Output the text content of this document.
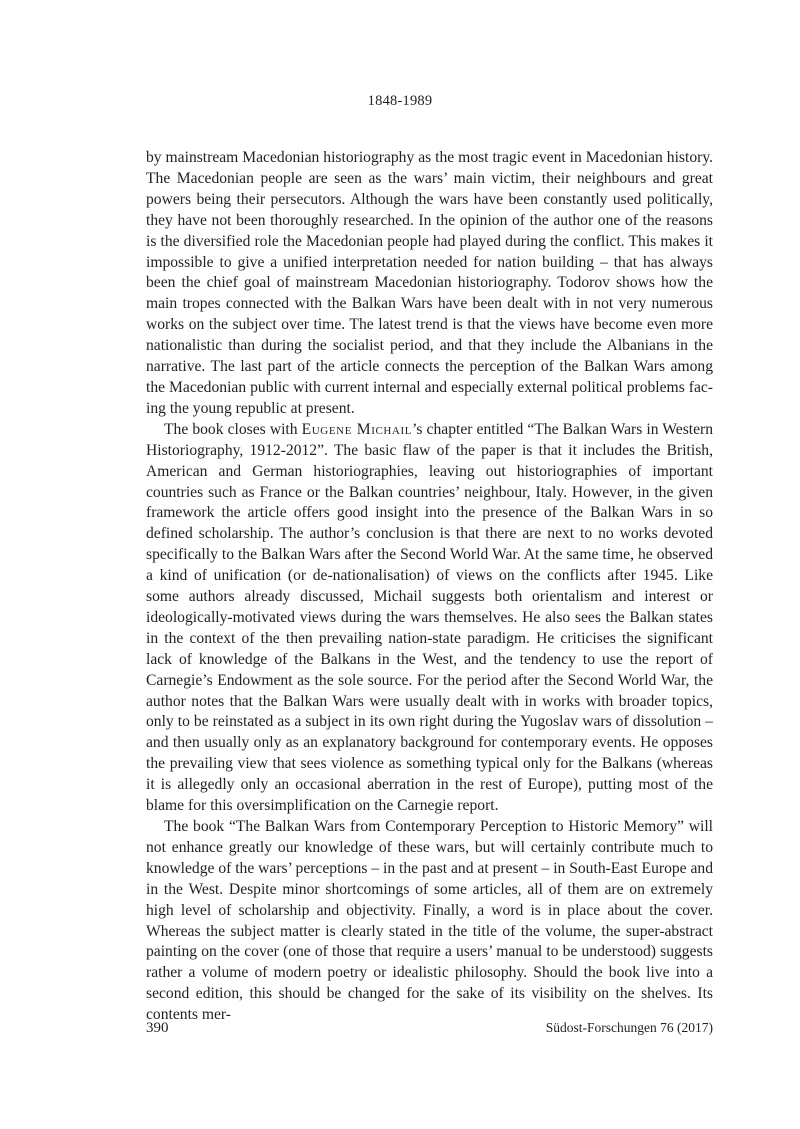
1848-1989

by mainstream Macedonian historiography as the most tragic event in Macedonian history. The Macedonian people are seen as the wars’ main victim, their neighbours and great powers being their persecutors. Although the wars have been constantly used politically, they have not been thoroughly researched. In the opinion of the author one of the reasons is the diversified role the Macedonian people had played during the conflict. This makes it impossible to give a unified interpretation needed for nation building – that has always been the chief goal of mainstream Macedonian historiography. Todorov shows how the main tropes connected with the Balkan Wars have been dealt with in not very numerous works on the subject over time. The latest trend is that the views have become even more nationalistic than during the socialist period, and that they include the Albanians in the narrative. The last part of the article connects the perception of the Balkan Wars among the Macedonian public with current internal and especially external political problems facing the young republic at present.

The book closes with Eugene Michail’s chapter entitled “The Balkan Wars in Western Historiography, 1912-2012”. The basic flaw of the paper is that it includes the British, American and German historiographies, leaving out historiographies of important countries such as France or the Balkan countries’ neighbour, Italy. However, in the given framework the article offers good insight into the presence of the Balkan Wars in so defined scholarship. The author’s conclusion is that there are next to no works devoted specifically to the Balkan Wars after the Second World War. At the same time, he observed a kind of unification (or de-nationalisation) of views on the conflicts after 1945. Like some authors already discussed, Michail suggests both orientalism and interest or ideologically-motivated views during the wars themselves. He also sees the Balkan states in the context of the then prevailing nation-state paradigm. He criticises the significant lack of knowledge of the Balkans in the West, and the tendency to use the report of Carnegie’s Endowment as the sole source. For the period after the Second World War, the author notes that the Balkan Wars were usually dealt with in works with broader topics, only to be reinstated as a subject in its own right during the Yugoslav wars of dissolution – and then usually only as an explanatory background for contemporary events. He opposes the prevailing view that sees violence as something typical only for the Balkans (whereas it is allegedly only an occasional aberration in the rest of Europe), putting most of the blame for this oversimplification on the Carnegie report.

The book “The Balkan Wars from Contemporary Perception to Historic Memory” will not enhance greatly our knowledge of these wars, but will certainly contribute much to knowledge of the wars’ perceptions – in the past and at present – in South-East Europe and in the West. Despite minor shortcomings of some articles, all of them are on extremely high level of scholarship and objectivity. Finally, a word is in place about the cover. Whereas the subject matter is clearly stated in the title of the volume, the super-abstract painting on the cover (one of those that require a users’ manual to be understood) suggests rather a volume of modern poetry or idealistic philosophy. Should the book live into a second edition, this should be changed for the sake of its visibility on the shelves. Its contents mer-

390	Südost-Forschungen 76 (2017)
